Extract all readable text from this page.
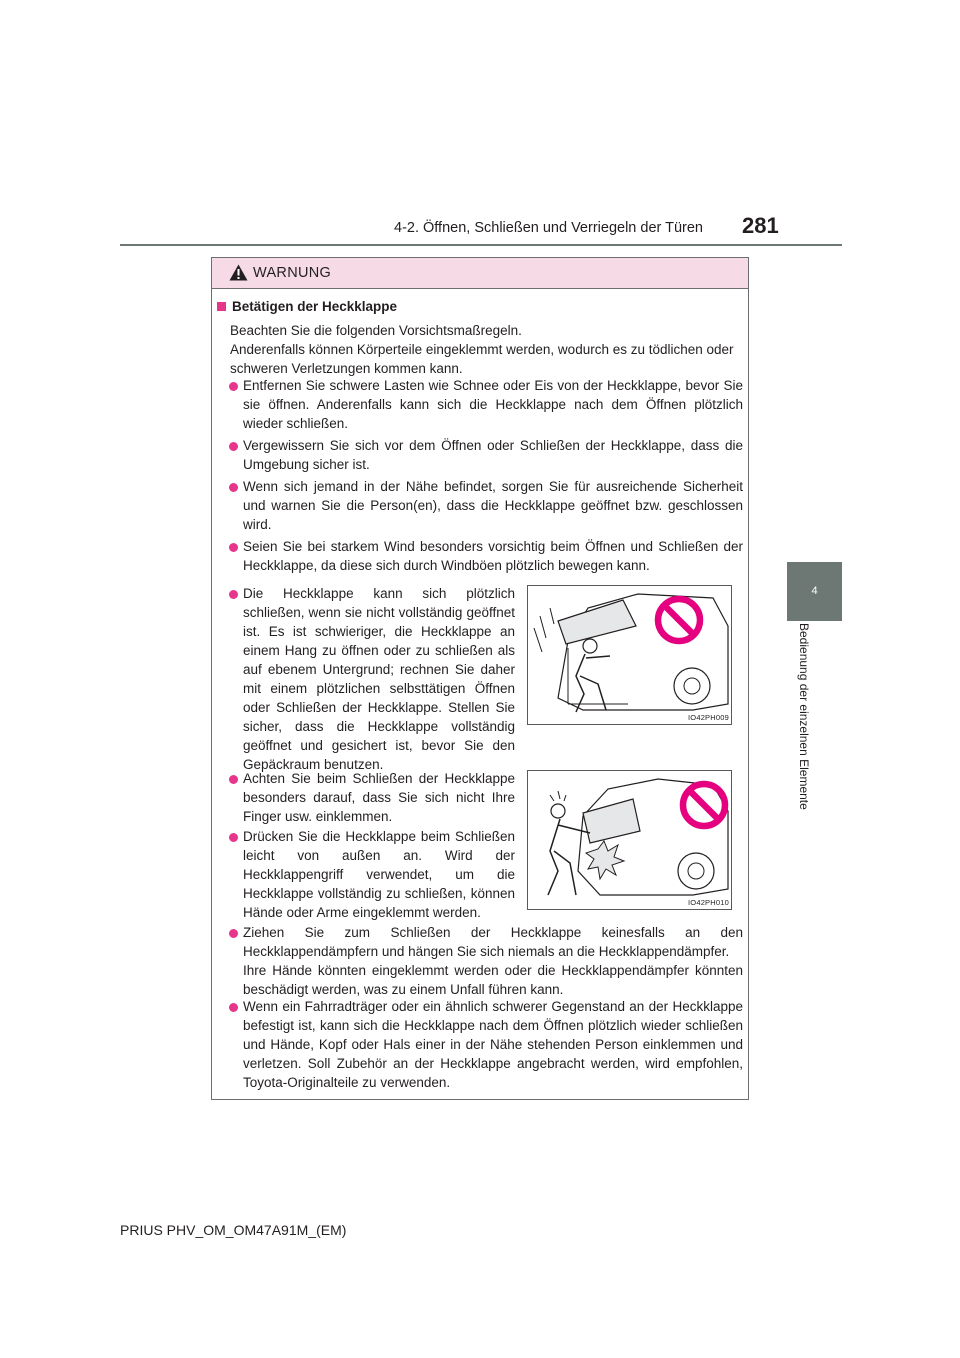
4-2. Öffnen, Schließen und Verriegeln der Türen 281
4
Bedienung der einzelnen Elemente
WARNUNG
Betätigen der Heckklappe
Beachten Sie die folgenden Vorsichtsmaßregeln.
Anderenfalls können Körperteile eingeklemmt werden, wodurch es zu tödlichen oder
schweren Verletzungen kommen kann.
Entfernen Sie schwere Lasten wie Schnee oder Eis von der Heckklappe, bevor Sie sie öffnen. Anderenfalls kann sich die Heckklappe nach dem Öffnen plötzlich wieder schließen.
Vergewissern Sie sich vor dem Öffnen oder Schließen der Heckklappe, dass die Umgebung sicher ist.
Wenn sich jemand in der Nähe befindet, sorgen Sie für ausreichende Sicherheit und warnen Sie die Person(en), dass die Heckklappe geöffnet bzw. geschlossen wird.
Seien Sie bei starkem Wind besonders vorsichtig beim Öffnen und Schließen der Heckklappe, da diese sich durch Windböen plötzlich bewegen kann.
Die Heckklappe kann sich plötzlich schließen, wenn sie nicht vollständig geöffnet ist. Es ist schwieriger, die Heckklappe an einem Hang zu öffnen oder zu schließen als auf ebenem Untergrund; rechnen Sie daher mit einem plötzlichen selbsttätigen Öffnen oder Schließen der Heckklappe. Stellen Sie sicher, dass die Heckklappe vollständig geöffnet und gesichert ist, bevor Sie den Gepäckraum benutzen.
IO42PH009
Achten Sie beim Schließen der Heckklappe besonders darauf, dass Sie sich nicht Ihre Finger usw. einklemmen.
Drücken Sie die Heckklappe beim Schließen leicht von außen an. Wird der Heckklappengriff verwendet, um die Heckklappe vollständig zu schließen, können Hände oder Arme eingeklemmt werden.
IO42PH010
Ziehen Sie zum Schließen der Heckklappe keinesfalls an den Heckklappendämpfern und hängen Sie sich niemals an die Heckklappendämpfer.
Ihre Hände könnten eingeklemmt werden oder die Heckklappendämpfer könnten beschädigt werden, was zu einem Unfall führen kann.
Wenn ein Fahrradträger oder ein ähnlich schwerer Gegenstand an der Heckklappe befestigt ist, kann sich die Heckklappe nach dem Öffnen plötzlich wieder schließen und Hände, Kopf oder Hals einer in der Nähe stehenden Person einklemmen und verletzen. Soll Zubehör an der Heckklappe angebracht werden, wird empfohlen, Toyota-Originalteile zu verwenden.
PRIUS PHV_OM_OM47A91M_(EM)
